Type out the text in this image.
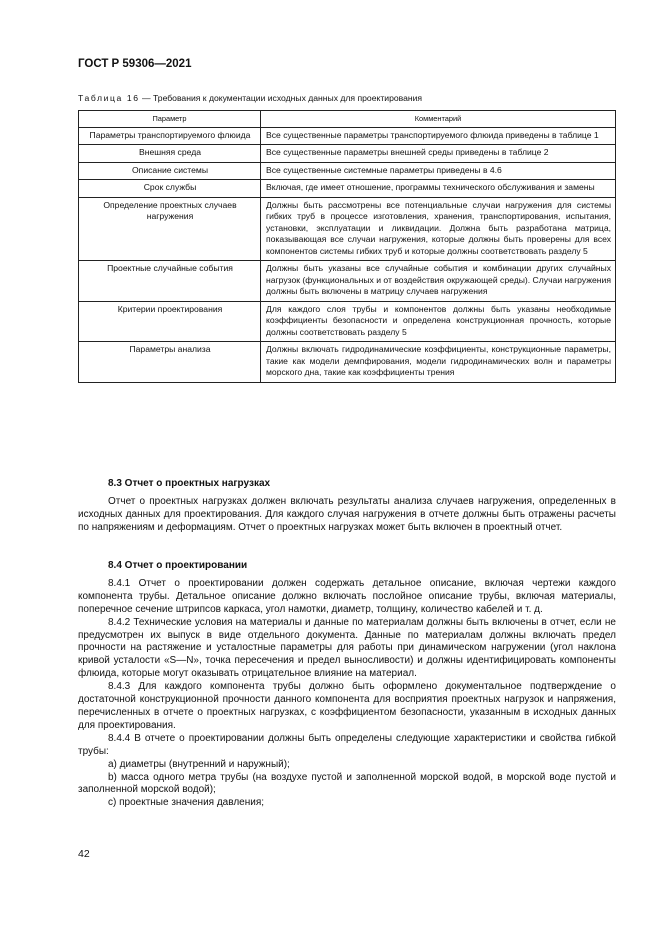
ГОСТ Р 59306—2021
Таблица 16 — Требования к документации исходных данных для проектирования
Параметр	Комментарий
Параметры транспортируемого флюида	Все существенные параметры транспортируемого флюида приведены в таблице 1
Внешняя среда	Все существенные параметры внешней среды приведены в таблице 2
Описание системы	Все существенные системные параметры приведены в 4.6
Срок службы	Включая, где имеет отношение, программы технического обслуживания и замены
Определение проектных случаев нагружения	Должны быть рассмотрены все потенциальные случаи нагружения для системы гибких труб в процессе изготовления, хранения, транспортирования, испытания, установки, эксплуатации и ликвидации. Должна быть разработана матрица, показывающая все случаи нагружения, которые должны быть проверены для всех компонентов системы гибких труб и которые должны соответствовать разделу 5
Проектные случайные события	Должны быть указаны все случайные события и комбинации других случайных нагрузок (функциональных и от воздействия окружающей среды). Случаи нагружения должны быть включены в матрицу случаев нагружения
Критерии проектирования	Для каждого слоя трубы и компонентов должны быть указаны необходимые коэффициенты безопасности и определена конструкционная прочность, которые должны соответствовать разделу 5
Параметры анализа	Должны включать гидродинамические коэффициенты, конструкционные параметры, такие как модели демпфирования, модели гидродинамических волн и параметры морского дна, такие как коэффициенты трения
8.3 Отчет о проектных нагрузках

Отчет о проектных нагрузках должен включать результаты анализа случаев нагружения, определенных в исходных данных для проектирования. Для каждого случая нагружения в отчете должны быть отражены расчеты по напряжениям и деформациям. Отчет о проектных нагрузках может быть включен в проектный отчет.

8.4 Отчет о проектировании

8.4.1 Отчет о проектировании должен содержать детальное описание, включая чертежи каждого компонента трубы. Детальное описание должно включать послойное описание трубы, включая материалы, поперечное сечение штрипсов каркаса, угол намотки, диаметр, толщину, количество кабелей и т. д.

8.4.2 Технические условия на материалы и данные по материалам должны быть включены в отчет, если не предусмотрен их выпуск в виде отдельного документа. Данные по материалам должны включать предел прочности на растяжение и усталостные параметры для работы при динамическом нагружении (угол наклона кривой усталости «S—N», точка пересечения и предел выносливости) и должны идентифицировать компоненты флюида, которые могут оказывать отрицательное влияние на материал.

8.4.3 Для каждого компонента трубы должно быть оформлено документальное подтверждение о достаточной конструкционной прочности данного компонента для восприятия проектных нагрузок и напряжения, перечисленных в отчете о проектных нагрузках, с коэффициентом безопасности, указанным в исходных данных для проектирования.

8.4.4 В отчете о проектировании должны быть определены следующие характеристики и свойства гибкой трубы:

a) диаметры (внутренний и наружный);

b) масса одного метра трубы (на воздухе пустой и заполненной морской водой, в морской воде пустой и заполненной морской водой);

c) проектные значения давления;

42
